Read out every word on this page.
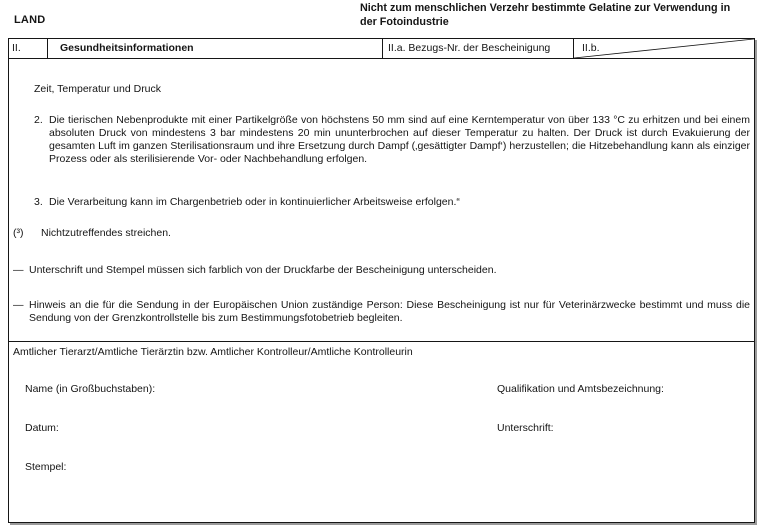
LAND
Nicht zum menschlichen Verzehr bestimmte Gelatine zur Verwendung in
der Fotoindustrie
II.	Gesundheitsinformationen	II.a. Bezugs-Nr. der Bescheinigung	II.b.
Zeit, Temperatur und Druck
2. Die tierischen Nebenprodukte mit einer Partikelgröße von höchstens 50 mm sind auf eine Kerntemperatur von über 133 °C zu erhitzen und bei einem absoluten Druck von mindestens 3 bar mindestens 20 min ununterbrochen auf dieser Temperatur zu halten. Der Druck ist durch Evakuierung der gesamten Luft im ganzen Sterilisationsraum und ihre Ersetzung durch Dampf (‚gesättigter Dampf‘) herzustellen; die Hitzebehandlung kann als einziger Prozess oder als sterilisierende Vor- oder Nachbehandlung erfolgen.
3. Die Verarbeitung kann im Chargenbetrieb oder in kontinuierlicher Arbeitsweise erfolgen.“
(³) Nichtzutreffendes streichen.
— Unterschrift und Stempel müssen sich farblich von der Druckfarbe der Bescheinigung unterscheiden.
— Hinweis an die für die Sendung in der Europäischen Union zuständige Person: Diese Bescheinigung ist nur für Veterinärzwecke bestimmt und muss die Sendung von der Grenzkontrollstelle bis zum Bestimmungsfotobetrieb begleiten.
Amtlicher Tierarzt/Amtliche Tierärztin bzw. Amtlicher Kontrolleur/Amtliche Kontrolleurin
Name (in Großbuchstaben):	Qualifikation und Amtsbezeichnung:
Datum:	Unterschrift:
Stempel:
